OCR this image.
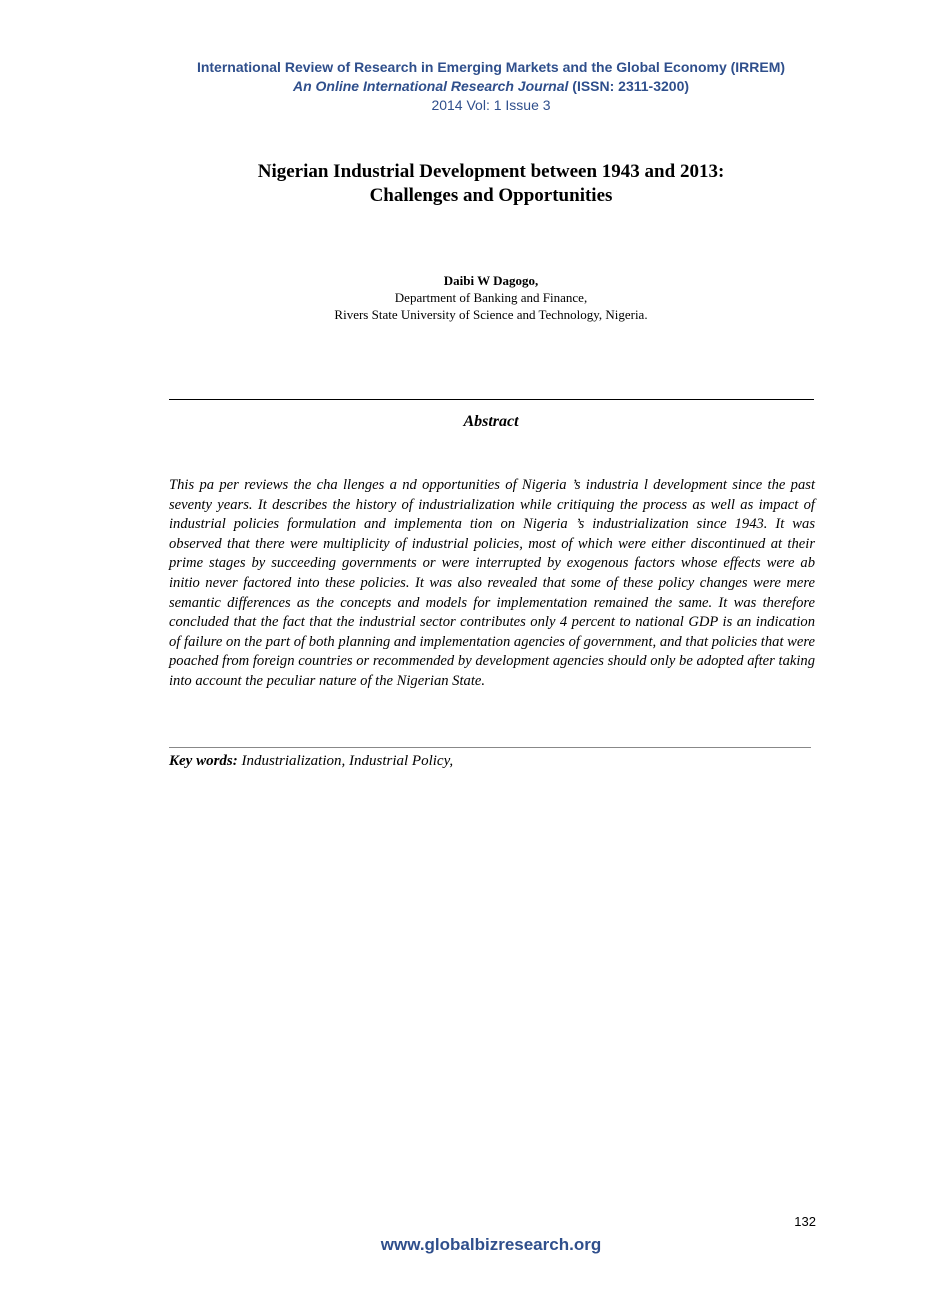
International Review of Research in Emerging Markets and the Global Economy (IRREM)
An Online International Research Journal (ISSN: 2311-3200)
2014 Vol: 1 Issue 3
Nigerian Industrial Development between 1943 and 2013:
Challenges and Opportunities
Daibi W Dagogo,
Department of Banking and Finance,
Rivers State University of Science and Technology, Nigeria.
Abstract

This pa per reviews the cha llenges a nd opportunities of Nigeria ’s industria l development since the past seventy years. It describes the history of industrialization while critiquing the process as well as impact of industrial policies formulation and implementa tion on Nigeria ’s industrialization since 1943. It was observed that there were multiplicity of industrial policies, most of which were either discontinued at their prime stages by succeeding governments or were interrupted by exogenous factors whose effects were ab initio never factored into these policies. It was also revealed that some of these policy changes were mere semantic differences as the concepts and models for implementation remained the same. It was therefore concluded that the fact that the industrial sector contributes only 4 percent to national GDP is an indication of failure on the part of both planning and implementation agencies of government, and that policies that were poached from foreign countries or recommended by development agencies should only be adopted after taking into account the peculiar nature of the Nigerian State.

Key words: Industrialization, Industrial Policy,
132
www.globalbizresearch.org
